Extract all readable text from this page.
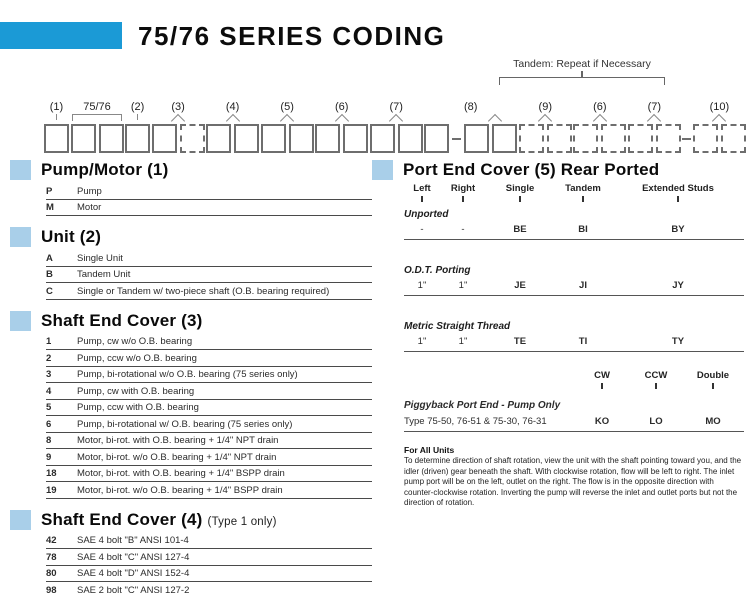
75/76 SERIES CODING
Tandem: Repeat if Necessary
(1) 75/76 (2) (3)	(4)	(5)	(6)	(7)	(8)	(9)	(6)	(7)	(10)
Pump/Motor (1)
P	Pump
M	Motor
Unit (2)
A	Single Unit
B	Tandem Unit
C	Single or Tandem w/ two-piece shaft (O.B. bearing required)
Shaft End Cover (3)
1	Pump, cw w/o O.B. bearing
2	Pump, ccw w/o O.B. bearing
3	Pump, bi-rotational w/o O.B. bearing (75 series only)
4	Pump, cw with O.B. bearing
5	Pump, ccw with O.B. bearing
6	Pump, bi-rotational w/ O.B. bearing (75 series only)
8	Motor, bi-rot. with O.B. bearing + 1/4" NPT drain
9	Motor, bi-rot. w/o O.B. bearing + 1/4" NPT drain
18	Motor, bi-rot. with O.B. bearing + 1/4" BSPP drain
19	Motor, bi-rot. w/o O.B. bearing + 1/4" BSPP drain
Shaft End Cover (4) (Type 1 only)
42	SAE 4 bolt "B" ANSI 101-4
78	SAE 4 bolt "C" ANSI 127-4
80	SAE 4 bolt "D" ANSI 152-4
98	SAE 2 bolt "C" ANSI 127-2
Port End Cover (5) Rear Ported
Left	Right	Single	Tandem	Extended Studs
Unported
-	-	BE	BI	BY
O.D.T. Porting
1"	1"	JE	JI	JY
Metric Straight Thread
1"	1"	TE	TI	TY
CW	CCW	Double
Piggyback Port End - Pump Only
Type 75-50, 76-51 & 75-30, 76-31	KO	LO	MO
For All Units

To determine direction of shaft rotation, view the unit with the shaft pointing toward you, and the idler (driven) gear beneath the shaft. With clockwise rotation, flow will be left to right. The inlet pump port will be on the left, outlet on the right. The flow is in the opposite direction with counter-clockwise rotation. Inverting the pump will reverse the inlet and outlet ports but not the direction of rotation.
